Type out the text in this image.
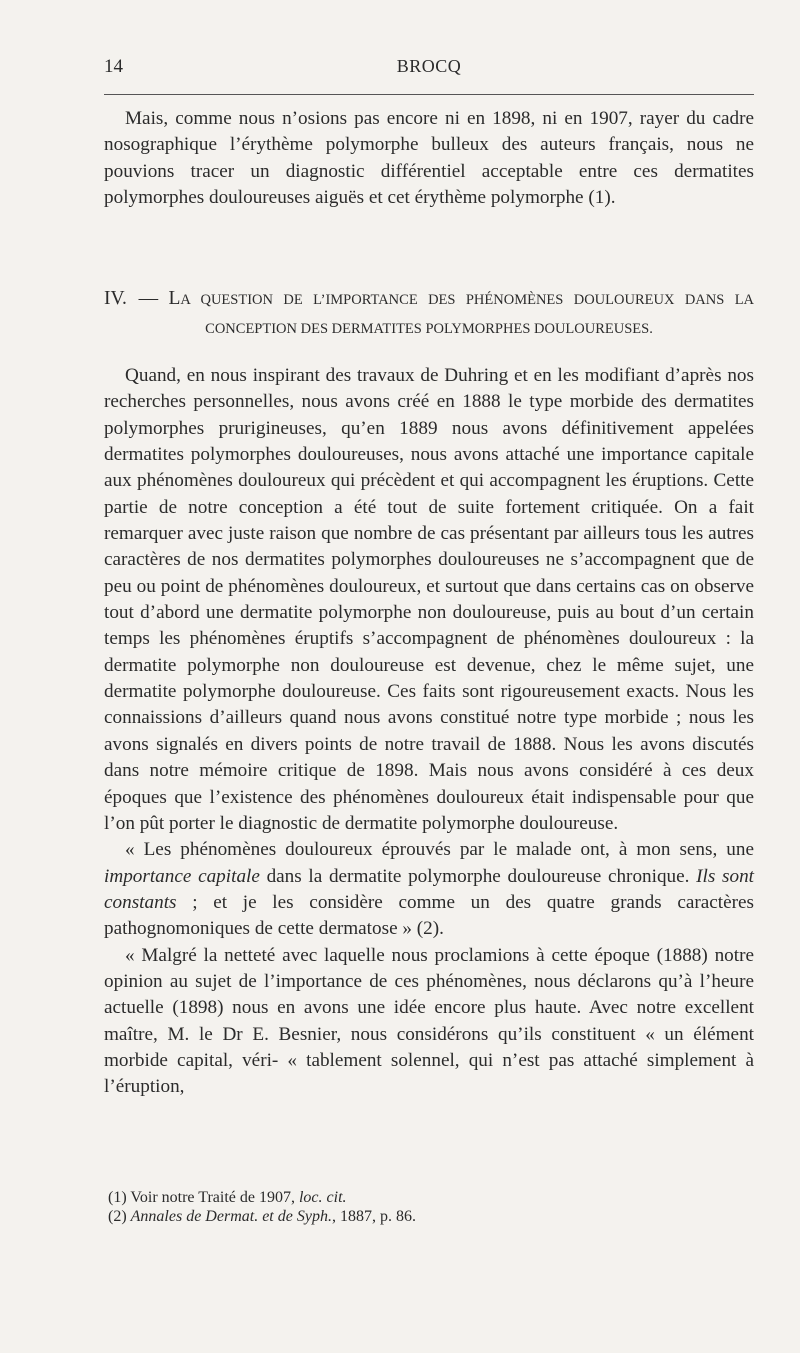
14	BROCQ

Mais, comme nous n’osions pas encore ni en 1898, ni en 1907, rayer du cadre nosographique l’érythème polymorphe bulleux des auteurs français, nous ne pouvions tracer un diagnostic différentiel acceptable entre ces dermatites polymorphes douloureuses aiguës et cet érythème polymorphe (1).

IV. — LA QUESTION DE L’IMPORTANCE DES PHÉNOMÈNES DOULOUREUX DANS LA
CONCEPTION DES DERMATITES POLYMORPHES DOULOUREUSES.

Quand, en nous inspirant des travaux de Duhring et en les modifiant d’après nos recherches personnelles, nous avons créé en 1888 le type morbide des dermatites polymorphes prurigineuses, qu’en 1889 nous avons définitivement appelées dermatites polymorphes douloureuses, nous avons attaché une importance capitale aux phénomènes douloureux qui précèdent et qui accompagnent les éruptions. Cette partie de notre conception a été tout de suite fortement critiquée. On a fait remarquer avec juste raison que nombre de cas présentant par ailleurs tous les autres caractères de nos dermatites polymorphes douloureuses ne s’accompagnent que de peu ou point de phénomènes douloureux, et surtout que dans certains cas on observe tout d’abord une dermatite polymorphe non douloureuse, puis au bout d’un certain temps les phénomènes éruptifs s’accompagnent de phénomènes douloureux : la dermatite polymorphe non douloureuse est devenue, chez le même sujet, une dermatite polymorphe douloureuse. Ces faits sont rigoureusement exacts. Nous les connaissions d’ailleurs quand nous avons constitué notre type morbide ; nous les avons signalés en divers points de notre travail de 1888. Nous les avons discutés dans notre mémoire critique de 1898. Mais nous avons considéré à ces deux époques que l’existence des phénomènes douloureux était indispensable pour que l’on pût porter le diagnostic de dermatite polymorphe douloureuse.

« Les phénomènes douloureux éprouvés par le malade ont, à mon sens, une importance capitale dans la dermatite polymorphe douloureuse chronique. Ils sont constants ; et je les considère comme un des quatre grands caractères pathognomoniques de cette dermatose » (2).

« Malgré la netteté avec laquelle nous proclamions à cette époque (1888) notre opinion au sujet de l’importance de ces phénomènes, nous déclarons qu’à l’heure actuelle (1898) nous en avons une idée encore plus haute. Avec notre excellent maître, M. le Dr E. Besnier, nous considérons qu’ils constituent « un élément morbide capital, véri- « tablement solennel, qui n’est pas attaché simplement à l’éruption,

(1) Voir notre Traité de 1907, loc. cit.
(2) Annales de Dermat. et de Syph., 1887, p. 86.
